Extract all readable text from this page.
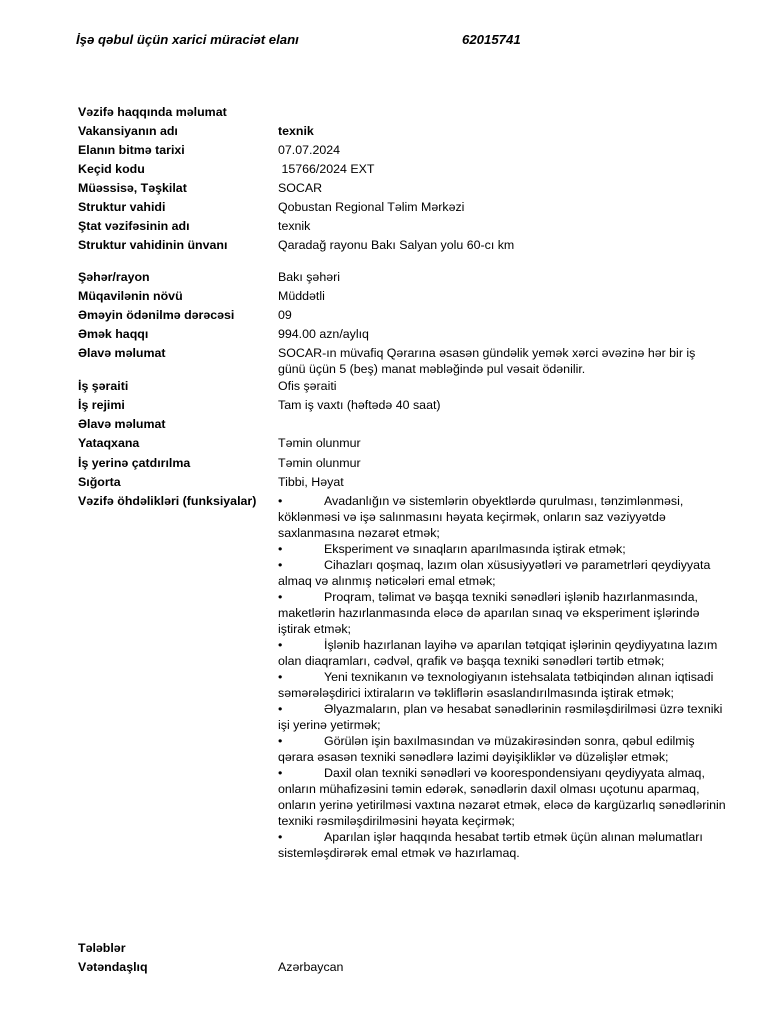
İşə qəbul üçün xarici müraciət elanı	62015741
Vəzifə haqqında məlumat
Vakansiyanın adı	texnik
Elanın bitmə tarixi	07.07.2024
Keçid kodu	15766/2024 EXT
Müəssisə, Təşkilat	SOCAR
Struktur vahidi	Qobustan Regional Təlim Mərkəzi
Ştat vəzifəsinin adı	texnik
Struktur vahidinin ünvanı	Qaradağ rayonu Bakı Salyan yolu 60-cı km
Şəhər/rayon	Bakı şəhəri
Müqavilənin növü	Müddətli
Əməyin ödənilmə dərəcəsi	09
Əmək haqqı	994.00 azn/aylıq
Əlavə məlumat	SOCAR-ın müvafiq Qərarına əsasən gündəlik yemək xərci əvəzinə hər bir iş günü üçün 5 (beş) manat məbləğində pul vəsait ödənilir.
İş şəraiti	Ofis şəraiti
İş rejimi	Tam iş vaxtı (həftədə 40 saat)
Əlavə məlumat
Yataqxana	Təmin olunmur
İş yerinə çatdırılma	Təmin olunmur
Sığorta	Tibbi, Həyat
Vəzifə öhdəlikləri (funksiyalar)	•	Avadanlığın və sistemlərin obyektlərdə qurulması, tənzimlənməsi, köklənməsi və işə salınmasını həyata keçirmək, onların saz vəziyyətdə saxlanmasına nəzarət etmək;
•	Eksperiment və sınaqların aparılmasında iştirak etmək;
•	Cihazları qoşmaq, lazım olan xüsusiyyətləri və parametrləri qeydiyyata almaq və alınmış nəticələri emal etmək;
•	Proqram, təlimat və başqa texniki sənədləri işlənib hazırlanmasında, maketlərin hazırlanmasında eləcə də aparılan sınaq və eksperiment işlərində iştirak etmək;
•	İşlənib hazırlanan layihə və aparılan tətqiqat işlərinin qeydiyyatına lazım olan diaqramları, cədvəl, qrafik və başqa texniki sənədləri tərtib etmək;
•	Yeni texnikanın və texnologiyanın istehsalata tətbiqindən alınan iqtisadi səmərələşdirici ixtiraların və təkliflərin əsaslandırılmasında iştirak etmək;
•	Əlyazmaların, plan və hesabat sənədlərinin rəsmiləşdirilməsi üzrə texniki işi yerinə yetirmək;
•	Görülən işin baxılmasından və müzakirəsindən sonra, qəbul edilmiş qərara əsasən texniki sənədlərə lazimi dəyişikliklər və düzəlişlər etmək;
•	Daxil olan texniki sənədləri və koorespondensiyanı qeydiyyata almaq, onların mühafizəsini təmin edərək, sənədlərin daxil olması uçotunu aparmaq, onların yerinə yetirilməsi vaxtına nəzarət etmək, eləcə də kargüzarlıq sənədlərinin texniki rəsmiləşdirilməsini həyata keçirmək;
•	Aparılan işlər haqqında hesabat tərtib etmək üçün alınan məlumatları sistemləşdirərək emal etmək və hazırlamaq.
Tələblər
Vətəndaşlıq	Azərbaycan
